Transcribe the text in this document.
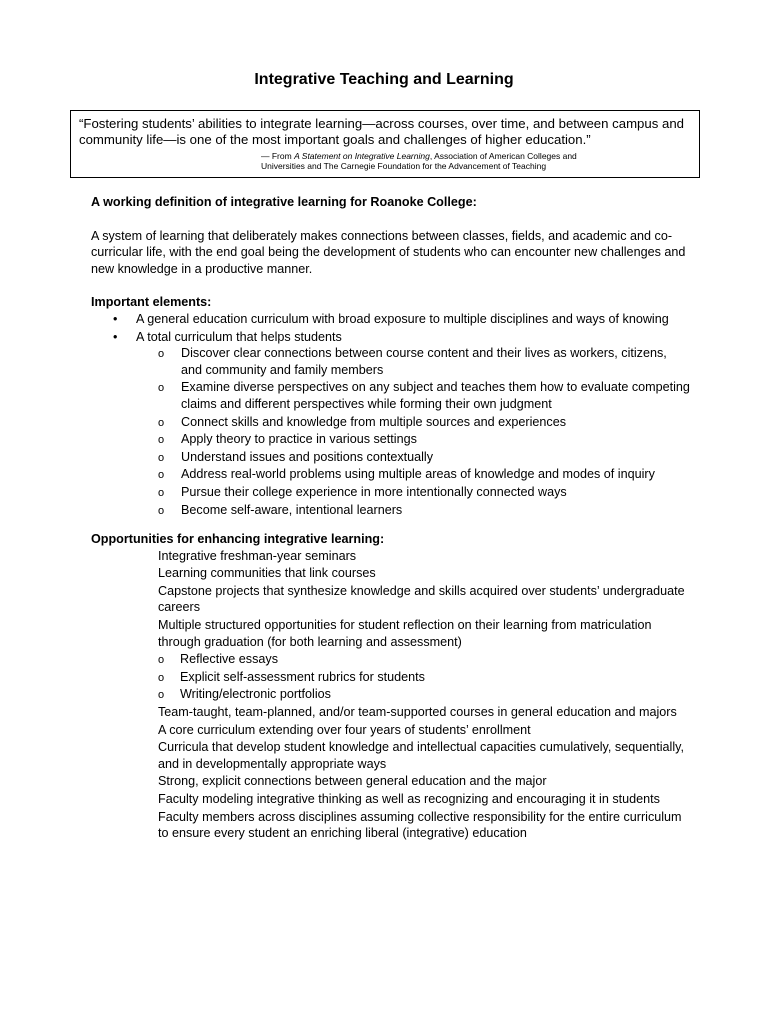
Integrative Teaching and Learning

“Fostering students’ abilities to integrate learning—across courses, over time, and between campus and community life—is one of the most important goals and challenges of higher education.”

— From A Statement on Integrative Learning, Association of American Colleges and
Universities and The Carnegie Foundation for the Advancement of Teaching

A working definition of integrative learning for Roanoke College:

A system of learning that deliberately makes connections between classes, fields, and academic and co-curricular life, with the end goal being the development of students who can encounter new challenges and new knowledge in a productive manner.

Important elements:

• A general education curriculum with broad exposure to multiple disciplines and ways of knowing
• A total curriculum that helps students
o Discover clear connections between course content and their lives as workers, citizens, and community and family members
o Examine diverse perspectives on any subject and teaches them how to evaluate competing claims and different perspectives while forming their own judgment
o Connect skills and knowledge from multiple sources and experiences
o Apply theory to practice in various settings
o Understand issues and positions contextually
o Address real-world problems using multiple areas of knowledge and modes of inquiry
o Pursue their college experience in more intentionally connected ways
o Become self-aware, intentional learners

Opportunities for enhancing integrative learning:

Integrative freshman-year seminars
Learning communities that link courses
Capstone projects that synthesize knowledge and skills acquired over students’ undergraduate careers
Multiple structured opportunities for student reflection on their learning from matriculation through graduation (for both learning and assessment)
o Reflective essays
o Explicit self-assessment rubrics for students
o Writing/electronic portfolios
Team-taught, team-planned, and/or team-supported courses in general education and majors
A core curriculum extending over four years of students’ enrollment
Curricula that develop student knowledge and intellectual capacities cumulatively, sequentially, and in developmentally appropriate ways
Strong, explicit connections between general education and the major
Faculty modeling integrative thinking as well as recognizing and encouraging it in students
Faculty members across disciplines assuming collective responsibility for the entire curriculum to ensure every student an enriching liberal (integrative) education
